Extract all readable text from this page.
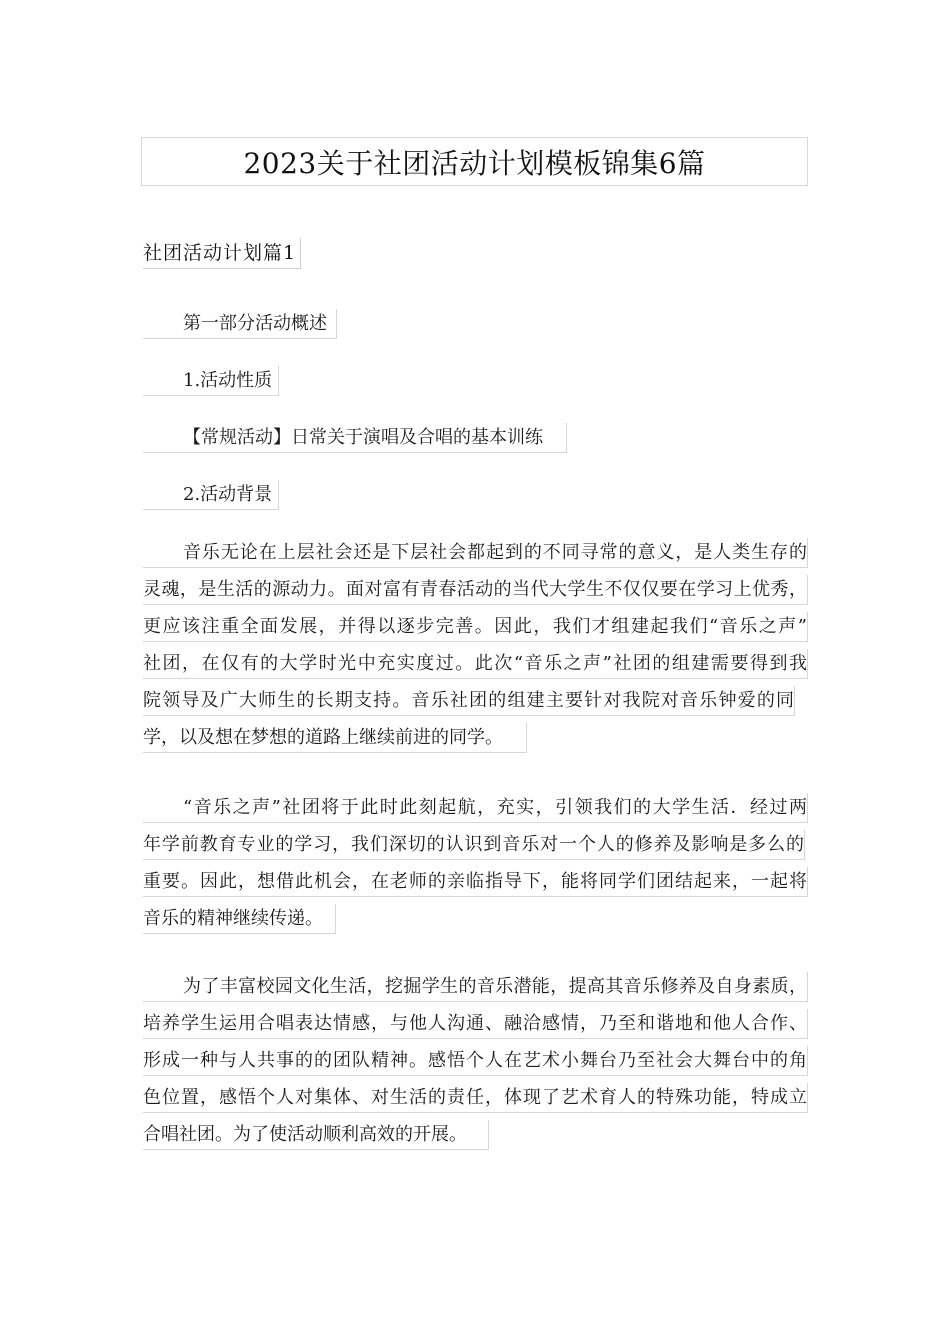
2023关于社团活动计划模板锦集6篇
社团活动计划篇1
第一部分活动概述
1.活动性质
【常规活动】日常关于演唱及合唱的基本训练
2.活动背景
音乐无论在上层社会还是下层社会都起到的不同寻常的意义，是人类生存的
灵魂，是生活的源动力。面对富有青春活动的当代大学生不仅仅要在学习上优秀，
更应该注重全面发展，并得以逐步完善。因此，我们才组建起我们“音乐之声”
社团，在仅有的大学时光中充实度过。此次“音乐之声”社团的组建需要得到我
院领导及广大师生的长期支持。音乐社团的组建主要针对我院对音乐钟爱的同
学，以及想在梦想的道路上继续前进的同学。
“音乐之声”社团将于此时此刻起航，充实，引领我们的大学生活．经过两
年学前教育专业的学习，我们深切的认识到音乐对一个人的修养及影响是多么的
重要。因此，想借此机会，在老师的亲临指导下，能将同学们团结起来，一起将
音乐的精神继续传递。
为了丰富校园文化生活，挖掘学生的音乐潜能，提高其音乐修养及自身素质，
培养学生运用合唱表达情感，与他人沟通、融洽感情，乃至和谐地和他人合作、
形成一种与人共事的的团队精神。感悟个人在艺术小舞台乃至社会大舞台中的角
色位置，感悟个人对集体、对生活的责任，体现了艺术育人的特殊功能，特成立
合唱社团。为了使活动顺利高效的开展。
